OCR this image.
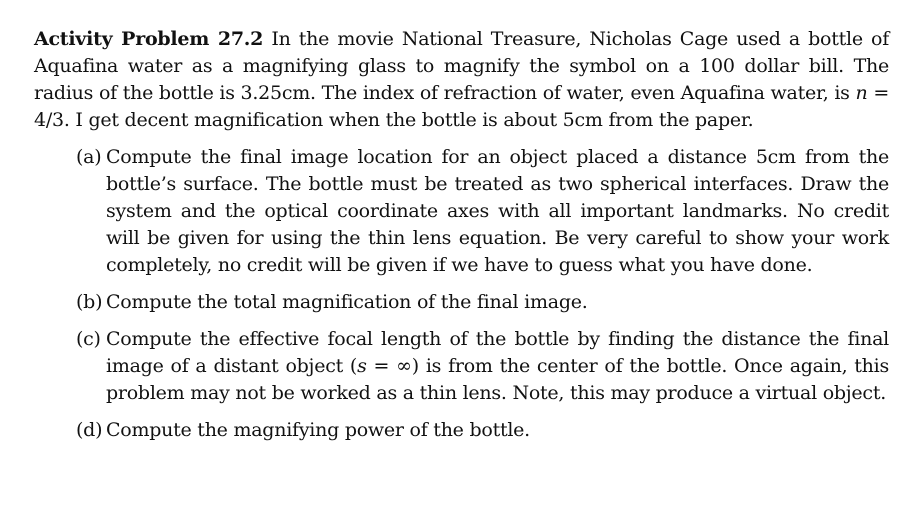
Activity Problem 27.2 In the movie National Treasure, Nicholas Cage used a bottle of Aquafina water as a magnifying glass to magnify the symbol on a 100 dollar bill. The radius of the bottle is 3.25cm. The index of refraction of water, even Aquafina water, is n = 4/3. I get decent magnification when the bottle is about 5cm from the paper.

(a) Compute the final image location for an object placed a distance 5cm from the bottle’s surface. The bottle must be treated as two spherical interfaces. Draw the system and the optical coordinate axes with all important landmarks. No credit will be given for using the thin lens equation. Be very careful to show your work completely, no credit will be given if we have to guess what you have done.
(b) Compute the total magnification of the final image.
(c) Compute the effective focal length of the bottle by finding the distance the final image of a distant object (s = ∞) is from the center of the bottle. Once again, this problem may not be worked as a thin lens. Note, this may produce a virtual object.
(d) Compute the magnifying power of the bottle.
